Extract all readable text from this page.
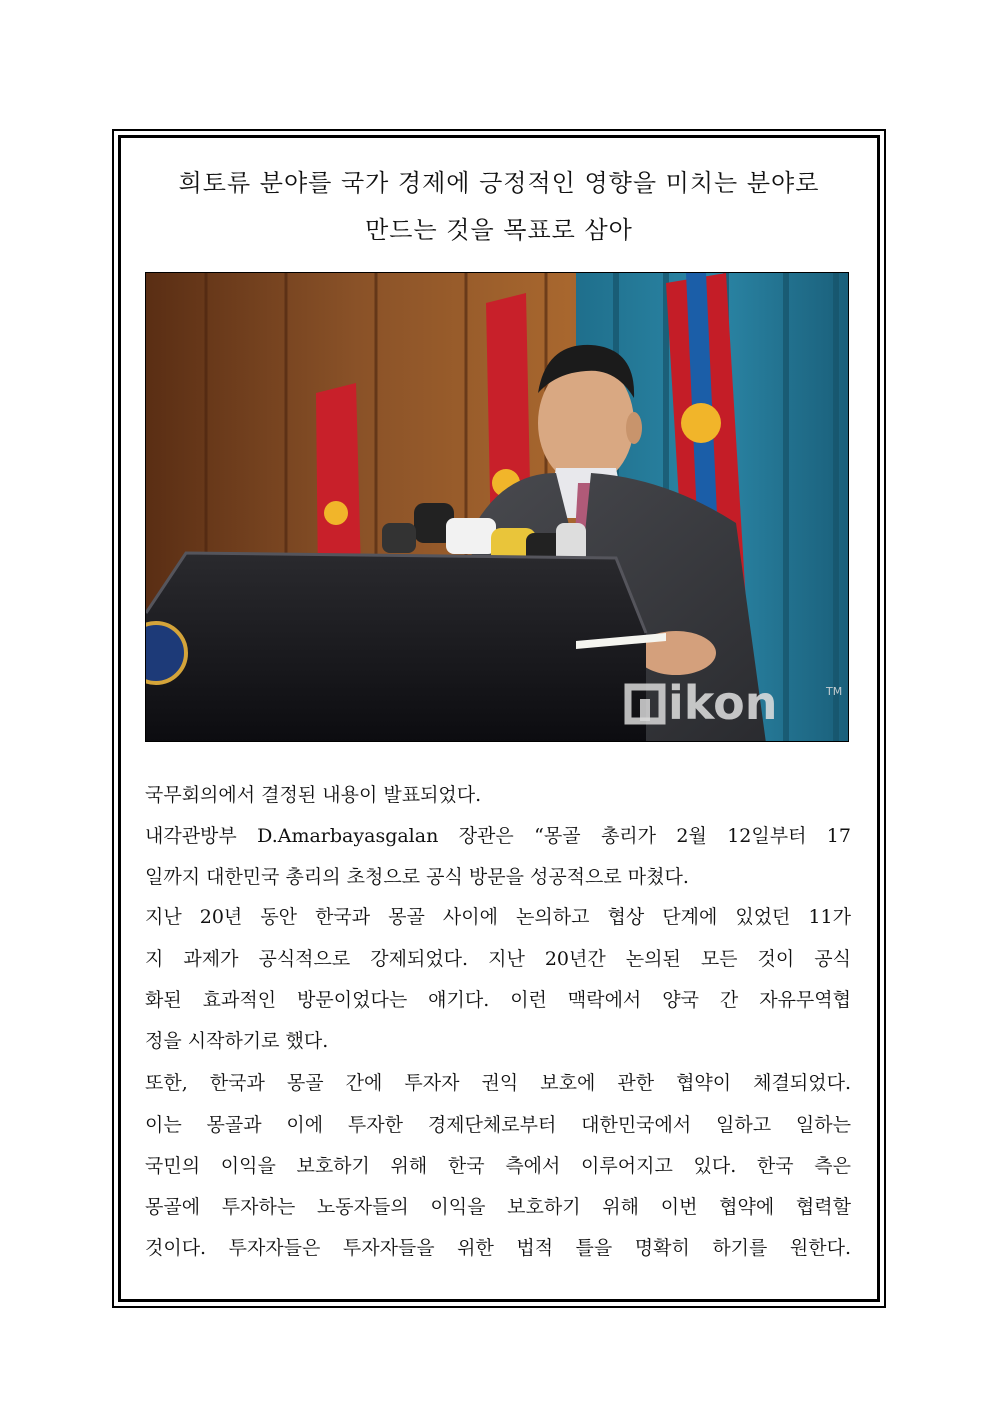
희토류 분야를 국가 경제에 긍정적인 영향을 미치는 분야로
만드는 것을 목표로 삼아
ikon	TM

국무회의에서 결정된 내용이 발표되었다.

내각관방부 D.Amarbayasgalan 장관은 “몽골 총리가 2월 12일부터 17

일까지 대한민국 총리의 초청으로 공식 방문을 성공적으로 마쳤다.

지난 20년 동안 한국과 몽골 사이에 논의하고 협상 단계에 있었던 11가

지 과제가 공식적으로 강제되었다. 지난 20년간 논의된 모든 것이 공식

화된 효과적인 방문이었다는 얘기다. 이런 맥락에서 양국 간 자유무역협

정을 시작하기로 했다.

또한, 한국과 몽골 간에 투자자 권익 보호에 관한 협약이 체결되었다.

이는 몽골과 이에 투자한 경제단체로부터 대한민국에서 일하고 일하는

국민의 이익을 보호하기 위해 한국 측에서 이루어지고 있다. 한국 측은

몽골에 투자하는 노동자들의 이익을 보호하기 위해 이번 협약에 협력할

것이다. 투자자들은 투자자들을 위한 법적 틀을 명확히 하기를 원한다.
